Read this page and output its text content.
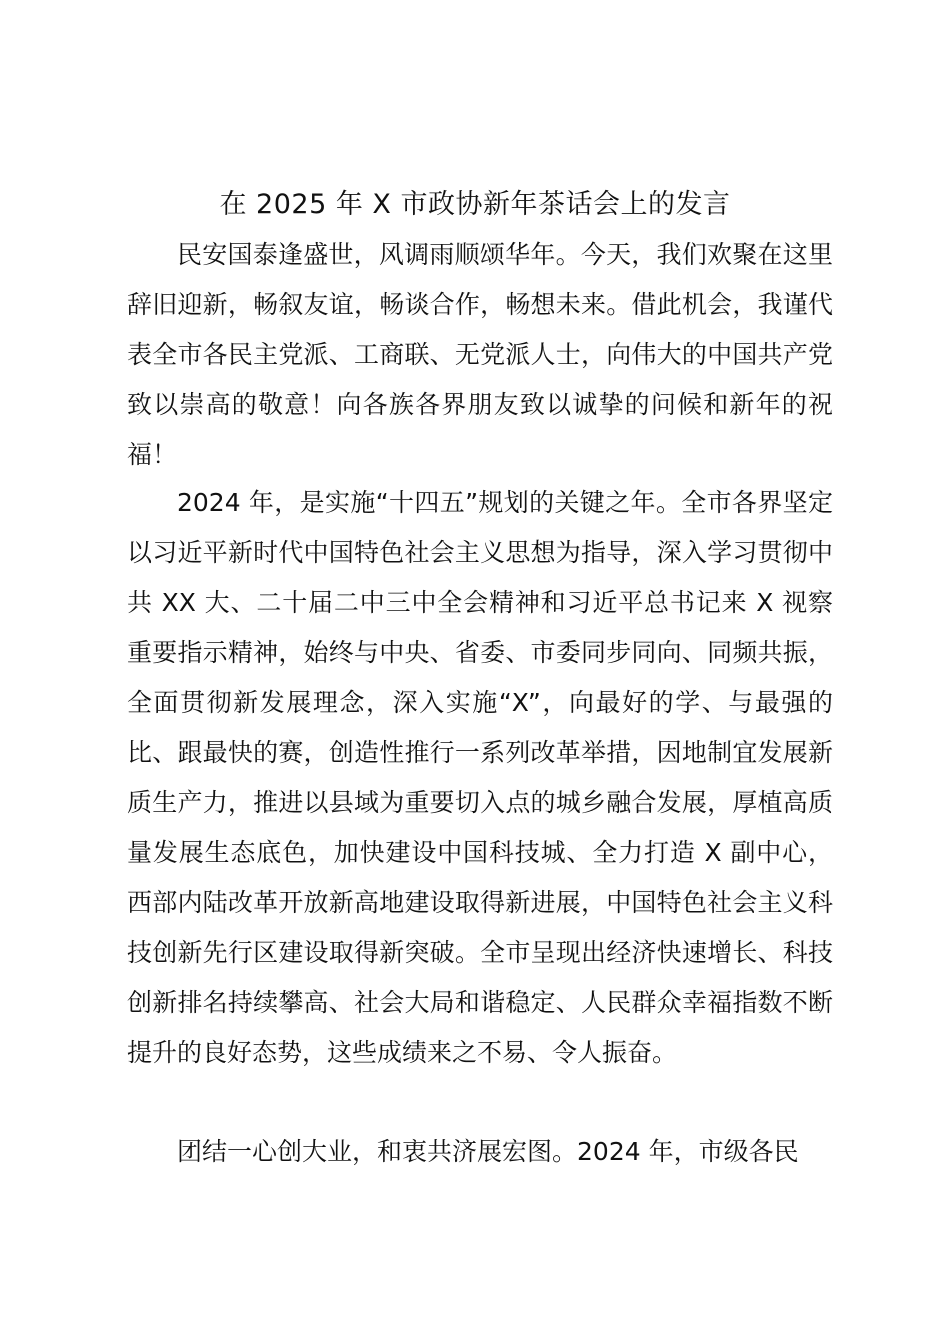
在 2025 年 X 市政协新年茶话会上的发言

民安国泰逢盛世，风调雨顺颂华年。今天，我们欢聚在这里辞旧迎新，畅叙友谊，畅谈合作，畅想未来。借此机会，我谨代表全市各民主党派、工商联、无党派人士，向伟大的中国共产党致以崇高的敬意！向各族各界朋友致以诚挚的问候和新年的祝福！

2024 年，是实施“十四五”规划的关键之年。全市各界坚定以习近平新时代中国特色社会主义思想为指导，深入学习贯彻中共 XX 大、二十届二中三中全会精神和习近平总书记来 X 视察重要指示精神，始终与中央、省委、市委同步同向、同频共振，全面贯彻新发展理念，深入实施“X”，向最好的学、与最强的比、跟最快的赛，创造性推行一系列改革举措，因地制宜发展新质生产力，推进以县域为重要切入点的城乡融合发展，厚植高质量发展生态底色，加快建设中国科技城、全力打造 X 副中心，西部内陆改革开放新高地建设取得新进展，中国特色社会主义科技创新先行区建设取得新突破。全市呈现出经济快速增长、科技创新排名持续攀高、社会大局和谐稳定、人民群众幸福指数不断提升的良好态势，这些成绩来之不易、令人振奋。

团结一心创大业，和衷共济展宏图。2024 年，市级各民
